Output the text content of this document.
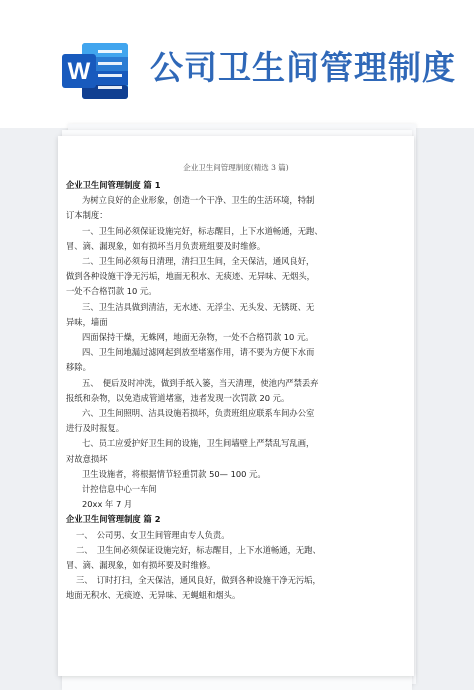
W 公司卫生间管理制度
企业卫生间管理制度(精选 3 篇)

企业卫生间管理制度 篇 1

为树立良好的企业形象，创造一个干净、卫生的生活环境，特制

订本制度：

一、卫生间必须保证设施完好，标志醒目，上下水道畅通，无跑、

冒、滴、漏现象，如有损坏当月负责班组要及时维修。

二、卫生间必须每日清理，清扫卫生间，全天保洁，通风良好，

做到各种设施干净无污垢，地面无积水、无痰迹、无异味、无烟头，

一处不合格罚款 10 元。

三、卫生洁具做到清洁，无水迹、无浮尘、无头发、无锈斑、无

异味，墙面

四面保持干燥，无蛛网，地面无杂物，一处不合格罚款 10 元。

四、卫生间地漏过滤网起到放至堵塞作用，请不要为方便下水而

移除。

五、　便后及时冲洗，做到手纸入篓，当天清理，使池内严禁丢弃

报纸和杂物，以免造成管道堵塞，违者发现一次罚款 20 元。

六、卫生间照明、洁具设施若损坏，负责班组应联系车间办公室

进行及时报复。

七、员工应爱护好卫生间的设施，卫生间墙壁上严禁乱写乱画，

对故意损坏

卫生设施者，将根据情节轻重罚款 50— 100 元。

计控信息中心一车间

20xx 年 7 月

企业卫生间管理制度 篇 2

一、　公司男、女卫生间管理由专人负责。

二、　卫生间必须保证设施完好，标志醒目，上下水道畅通，无跑、

冒、滴、漏现象，如有损坏要及时维修。

三、　订时打扫，全天保洁，通风良好，做到各种设施干净无污垢，

地面无积水、无痰迹、无异味、无蝇蛆和烟头。
